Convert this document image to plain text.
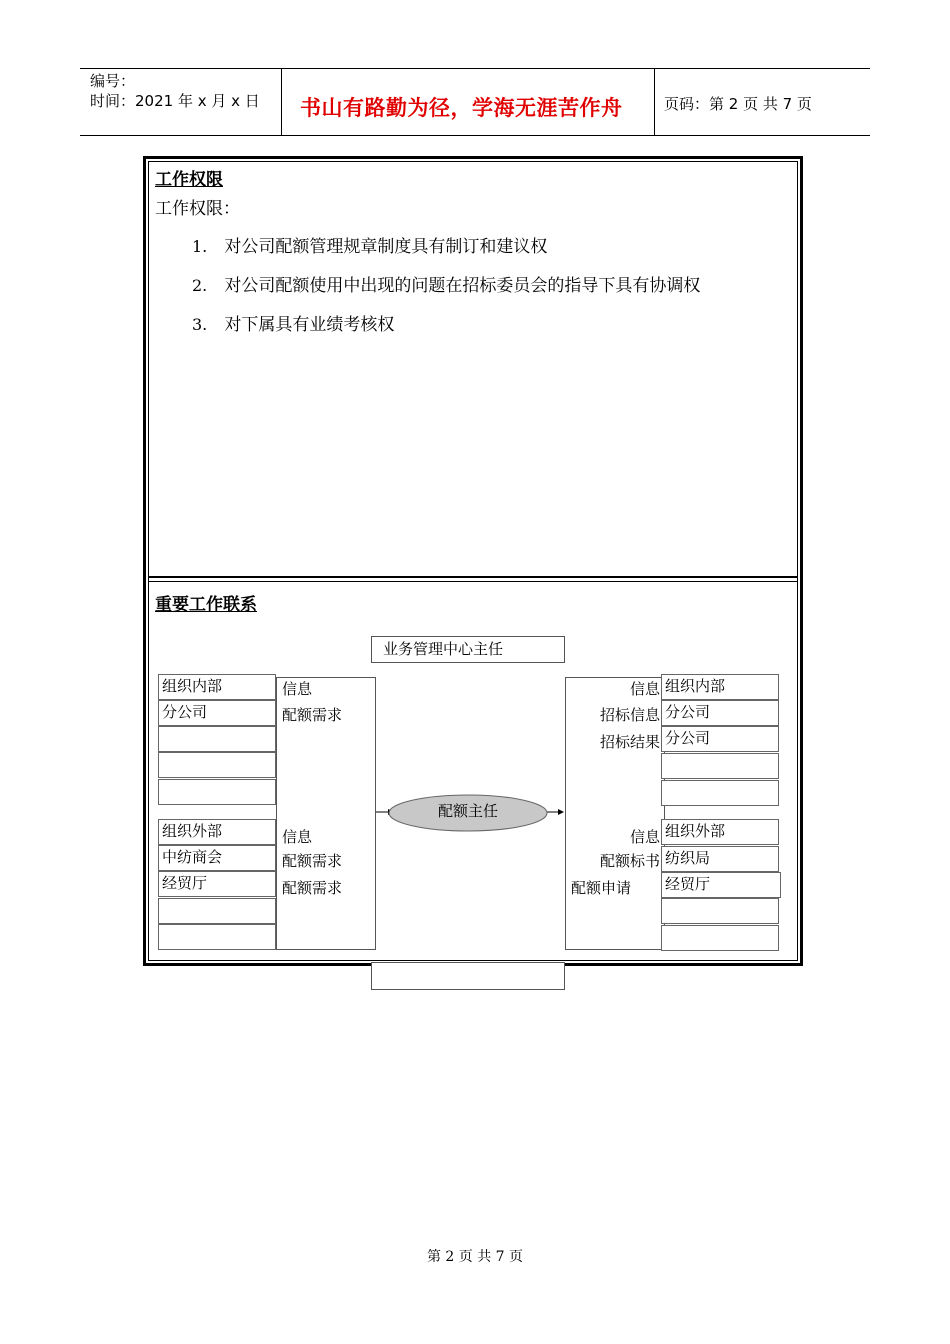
编号：
时间：2021 年 x 月 x 日 书山有路勤为径，学海无涯苦作舟	页码：第 2 页 共 7 页
工作权限
工作权限：
1. 对公司配额管理规章制度具有制订和建议权
2. 对公司配额使用中出现的问题在招标委员会的指导下具有协调权
3. 对下属具有业绩考核权
重要工作联系
业务管理中心主任
组织内部
分公司
信息
配额需求
组织外部
中纺商会
经贸厅
信息
配额需求
配额需求
组织内部
分公司
分公司
信息
招标信息
招标结果
组织外部
纺织局
经贸厅
信息
配额标书
配额申请
配额主任
第 2 页 共 7 页
